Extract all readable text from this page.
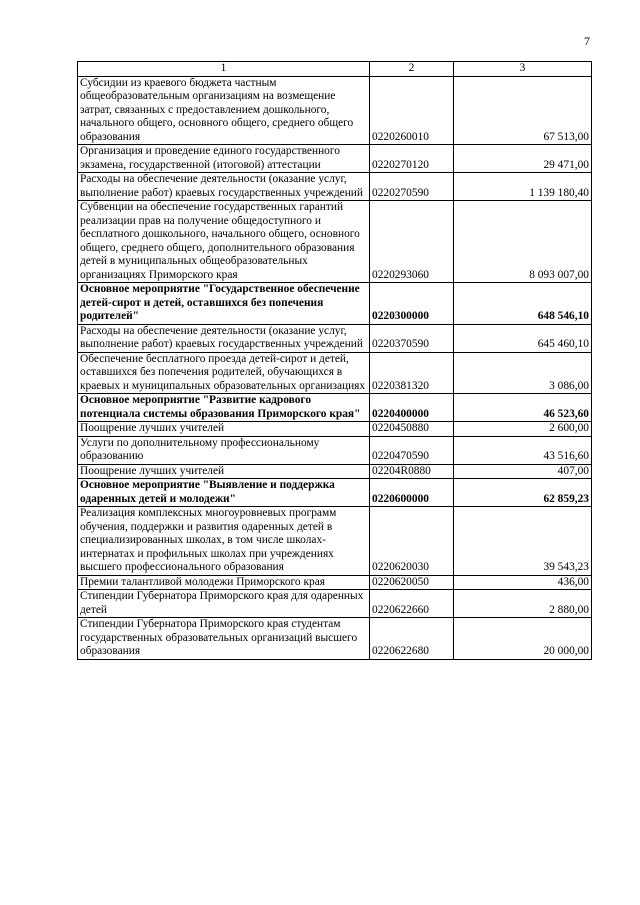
7
1	2	3
Субсидии из краевого бюджета частным общеобразовательным организациям на возмещение затрат, связанных с предоставлением дошкольного, начального общего, основного общего, среднего общего образования	0220260010	67 513,00
Организация и проведение единого государственного экзамена, государственной (итоговой) аттестации	0220270120	29 471,00
Расходы на обеспечение деятельности (оказание услуг, выполнение работ) краевых государственных учреждений	0220270590	1 139 180,40
Субвенции на обеспечение государственных гарантий реализации прав на получение общедоступного и бесплатного дошкольного, начального общего, основного общего, среднего общего, дополнительного образования детей в муниципальных общеобразовательных организациях Приморского края	0220293060	8 093 007,00
Основное мероприятие "Государственное обеспечение детей-сирот и детей, оставшихся без попечения родителей"	0220300000	648 546,10
Расходы на обеспечение деятельности (оказание услуг, выполнение работ) краевых государственных учреждений	0220370590	645 460,10
Обеспечение бесплатного проезда детей-сирот и детей, оставшихся без попечения родителей, обучающихся в краевых и муниципальных образовательных организациях	0220381320	3 086,00
Основное мероприятие "Развитие кадрового потенциала системы образования Приморского края"	0220400000	46 523,60
Поощрение лучших учителей	0220450880	2 600,00
Услуги по дополнительному профессиональному образованию	0220470590	43 516,60
Поощрение лучших учителей	02204R0880	407,00
Основное мероприятие "Выявление и поддержка одаренных детей и молодежи"	0220600000	62 859,23
Реализация комплексных многоуровневых программ обучения, поддержки и развития одаренных детей в специализированных школах, в том числе школах-интернатах и профильных школах при учреждениях высшего профессионального образования	0220620030	39 543,23
Премии талантливой молодежи Приморского края	0220620050	436,00
Стипендии Губернатора Приморского края для одаренных детей	0220622660	2 880,00
Стипендии Губернатора Приморского края студентам государственных образовательных организаций высшего образования	0220622680	20 000,00
